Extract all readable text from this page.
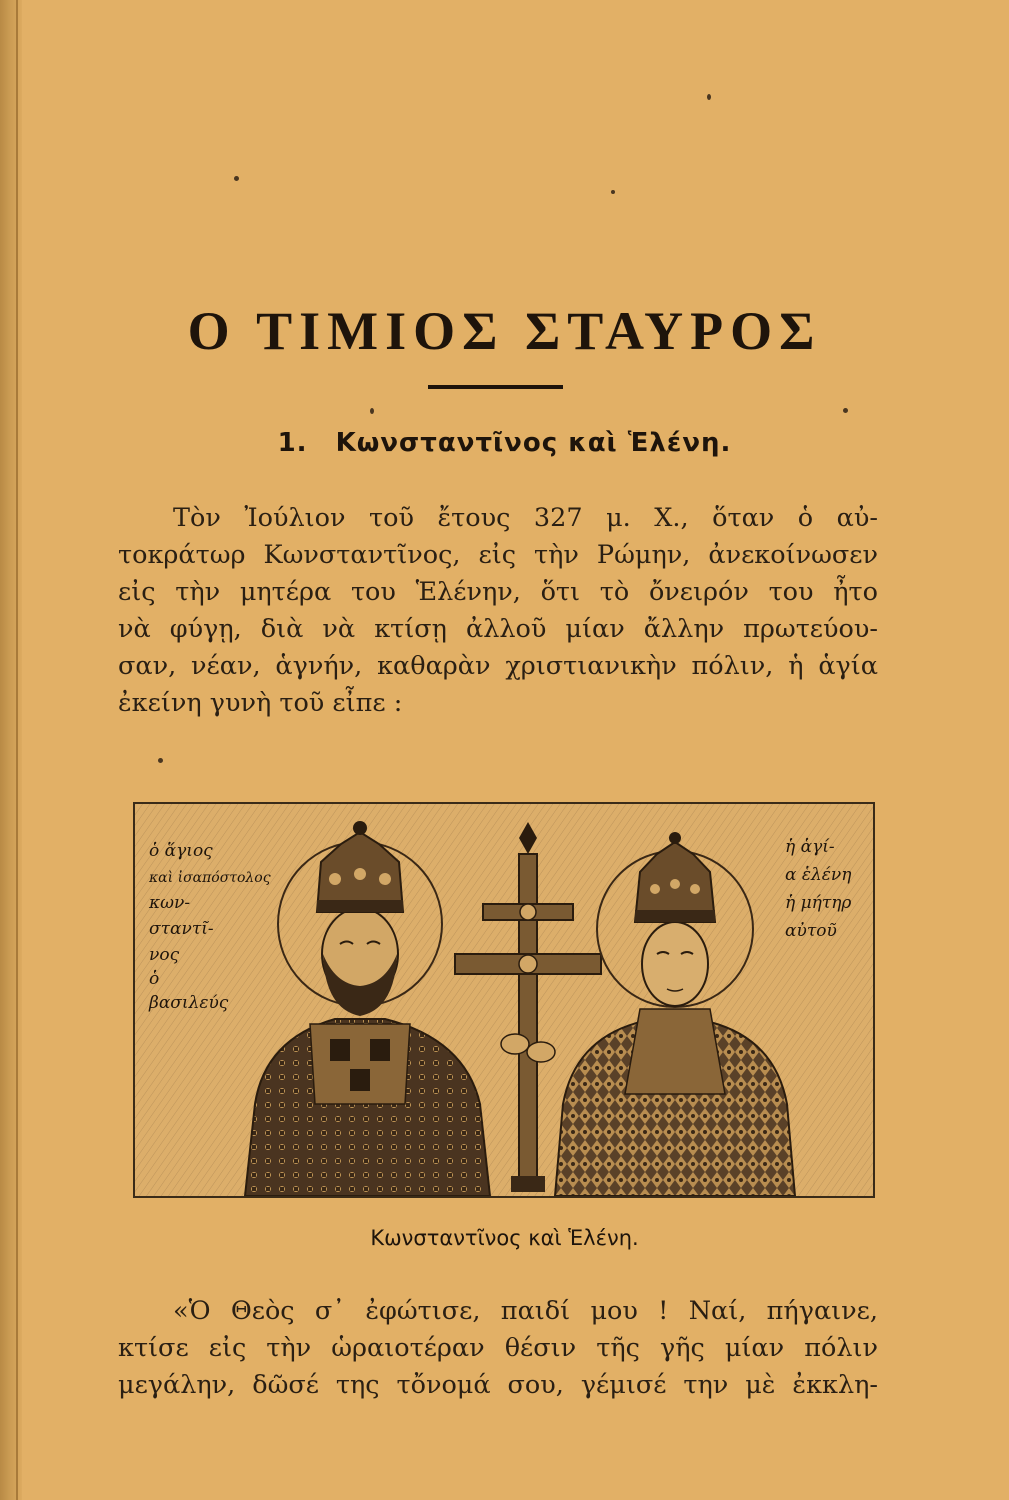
Ο ΤΙΜΙΟΣ ΣΤΑΥΡΟΣ
1. Κωνσταντῖνος καὶ Ἑλένη.
Τὸν Ἰούλιον τοῦ ἔτους 327 μ. Χ., ὅταν ὁ αὐ-
τοκράτωρ Κωνσταντῖνος, εἰς τὴν Ρώμην, ἀνεκοίνωσεν
εἰς τὴν μητέρα του Ἑλένην, ὅτι τὸ ὄνειρόν του ἦτο
νὰ φύγῃ, διὰ νὰ κτίσῃ ἀλλοῦ μίαν ἄλλην πρωτεύου-
σαν, νέαν, ἁγνήν, καθαρὰν χριστιανικὴν πόλιν, ἡ ἁγία
ἐκείνη γυνὴ τοῦ εἶπε :
ὁ ἅγιος
καὶ ἰσαπόστολος
κων-
σταντῖ-
νος
ὁ
βασιλεύς
ἡ ἁγί-
α ἑλένη
ἡ μήτηρ
αὐτοῦ
Κωνσταντῖνος καὶ Ἑλένη.
«Ὁ Θεὸς σ᾽ ἐφώτισε, παιδί μου ! Ναί, πήγαινε,
κτίσε εἰς τὴν ὡραιοτέραν θέσιν τῆς γῆς μίαν πόλιν
μεγάλην, δῶσέ της τὄνομά σου, γέμισέ την μὲ ἐκκλη-
